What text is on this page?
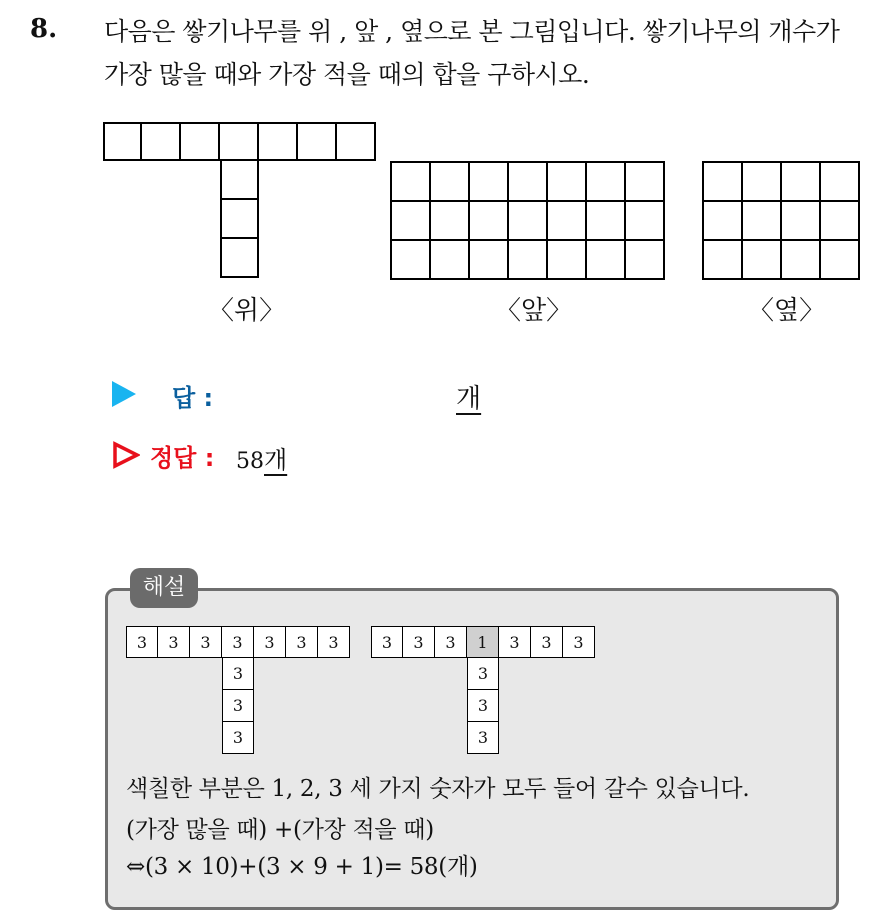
8. 다음은 쌓기나무를 위 , 앞 , 옆으로 본 그림입니다. 쌓기나무의 개수가
가장 많을 때와 가장 적을 때의 합을 구하시오.
〈위〉	〈앞〉	〈옆〉
답 :	개
정답 : 58개
해설
3	3	3	3	3	3	3
3
3
3
3	3	3	1	3	3	3
3
3
3
색칠한 부분은 1, 2, 3 세 가지 숫자가 모두 들어 갈수 있습니다.
(가장 많을 때) +(가장 적을 때)
⇔(3 × 10)+(3 × 9 + 1)= 58(개)
